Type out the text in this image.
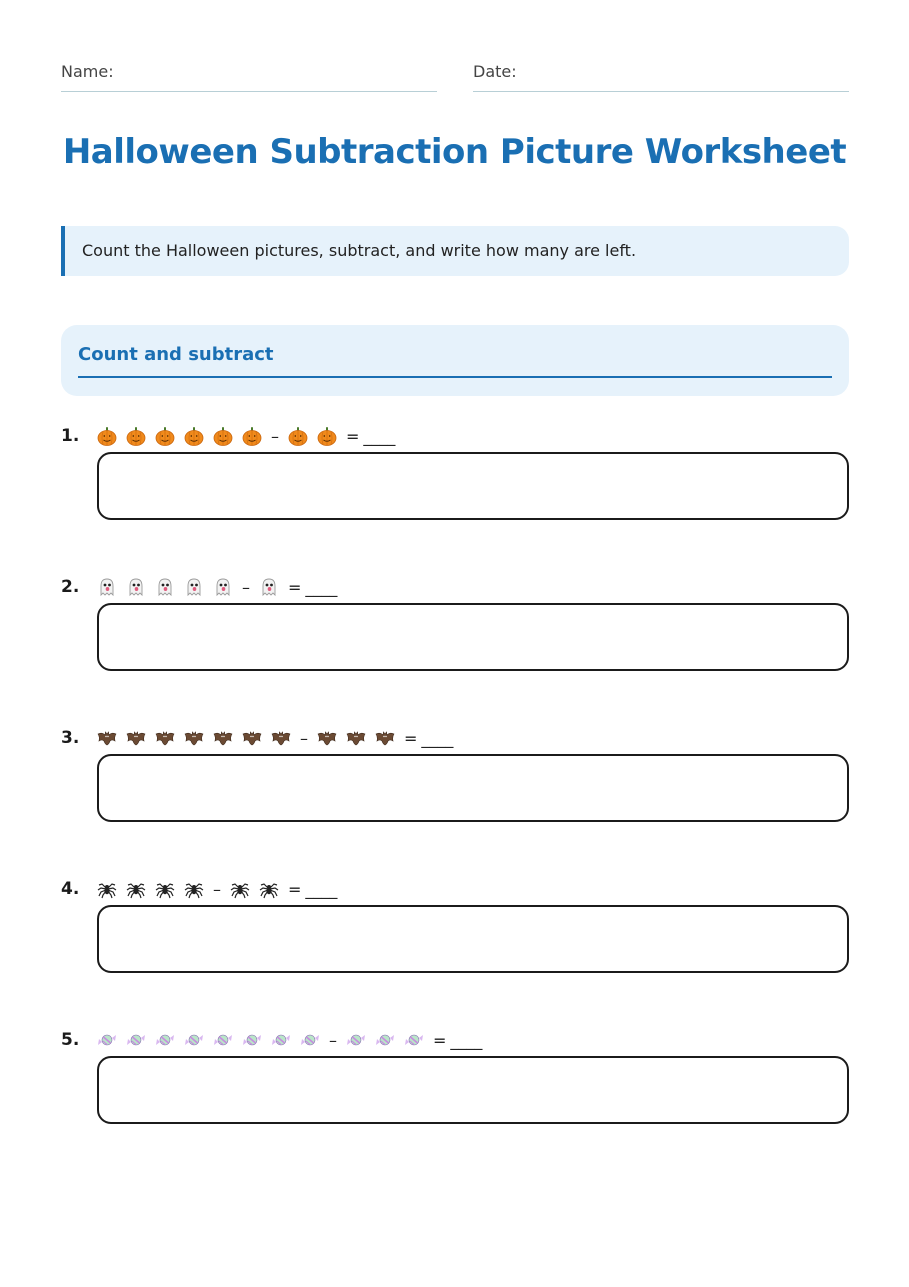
Name:	Date:
Halloween Subtraction Picture Worksheet
Count the Halloween pictures, subtract, and write how many are left.
Count and subtract
1.	–	= ____
2.	– = ____
3.	–	= ____
4.	–	= ____
5.	–	= ____
